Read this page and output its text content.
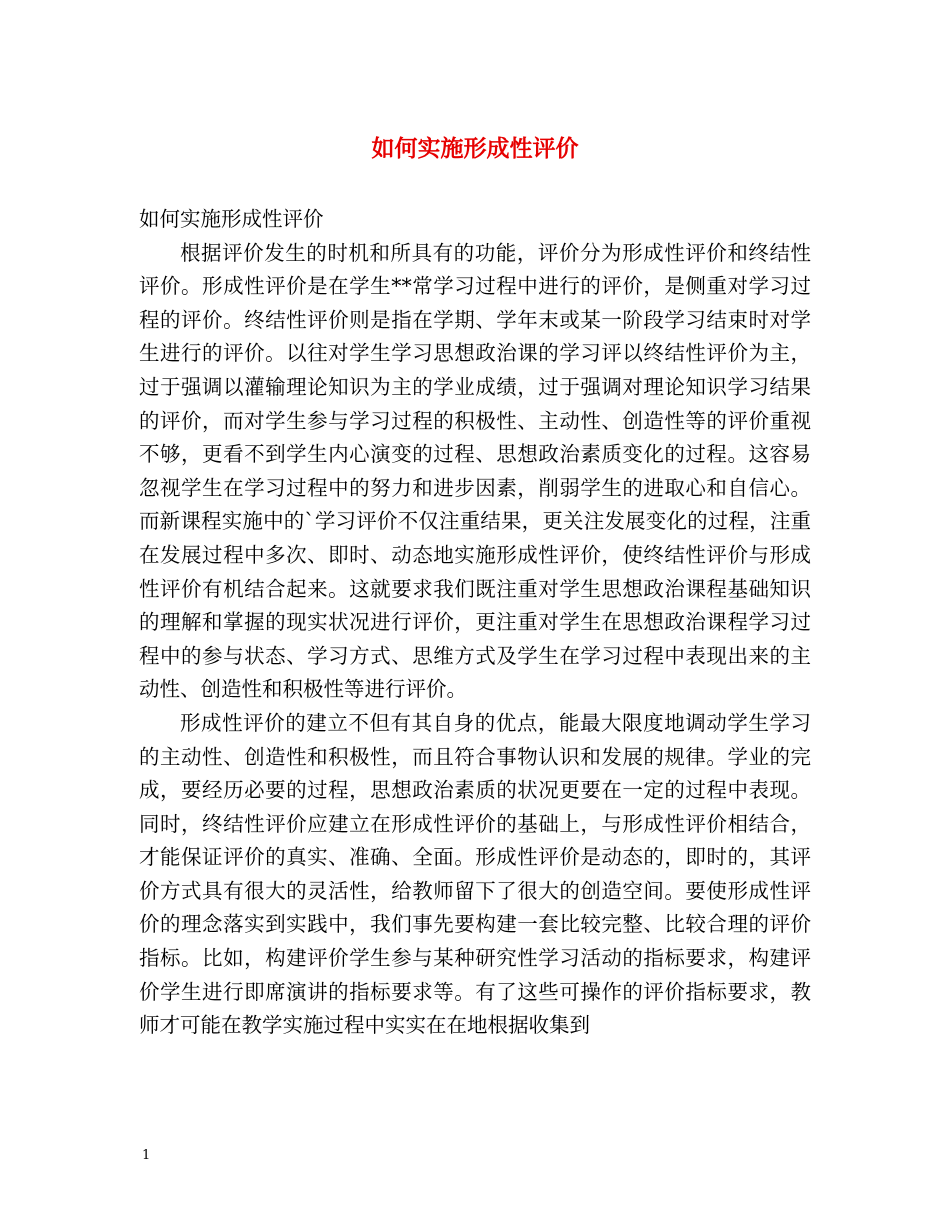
如何实施形成性评价

如何实施形成性评价

根据评价发生的时机和所具有的功能，评价分为形成性评价和终结性评价。形成性评价是在学生**常学习过程中进行的评价，是侧重对学习过程的评价。终结性评价则是指在学期、学年末或某一阶段学习结束时对学生进行的评价。以往对学生学习思想政治课的学习评以终结性评价为主，过于强调以灌输理论知识为主的学业成绩，过于强调对理论知识学习结果的评价，而对学生参与学习过程的积极性、主动性、创造性等的评价重视不够，更看不到学生内心演变的过程、思想政治素质变化的过程。这容易忽视学生在学习过程中的努力和进步因素，削弱学生的进取心和自信心。而新课程实施中的`学习评价不仅注重结果，更关注发展变化的过程，注重在发展过程中多次、即时、动态地实施形成性评价，使终结性评价与形成性评价有机结合起来。这就要求我们既注重对学生思想政治课程基础知识的理解和掌握的现实状况进行评价，更注重对学生在思想政治课程学习过程中的参与状态、学习方式、思维方式及学生在学习过程中表现出来的主动性、创造性和积极性等进行评价。

形成性评价的建立不但有其自身的优点，能最大限度地调动学生学习的主动性、创造性和积极性，而且符合事物认识和发展的规律。学业的完成，要经历必要的过程，思想政治素质的状况更要在一定的过程中表现。同时，终结性评价应建立在形成性评价的基础上，与形成性评价相结合，才能保证评价的真实、准确、全面。形成性评价是动态的，即时的，其评价方式具有很大的灵活性，给教师留下了很大的创造空间。要使形成性评价的理念落实到实践中，我们事先要构建一套比较完整、比较合理的评价指标。比如，构建评价学生参与某种研究性学习活动的指标要求，构建评价学生进行即席演讲的指标要求等。有了这些可操作的评价指标要求，教师才可能在教学实施过程中实实在在地根据收集到

1
